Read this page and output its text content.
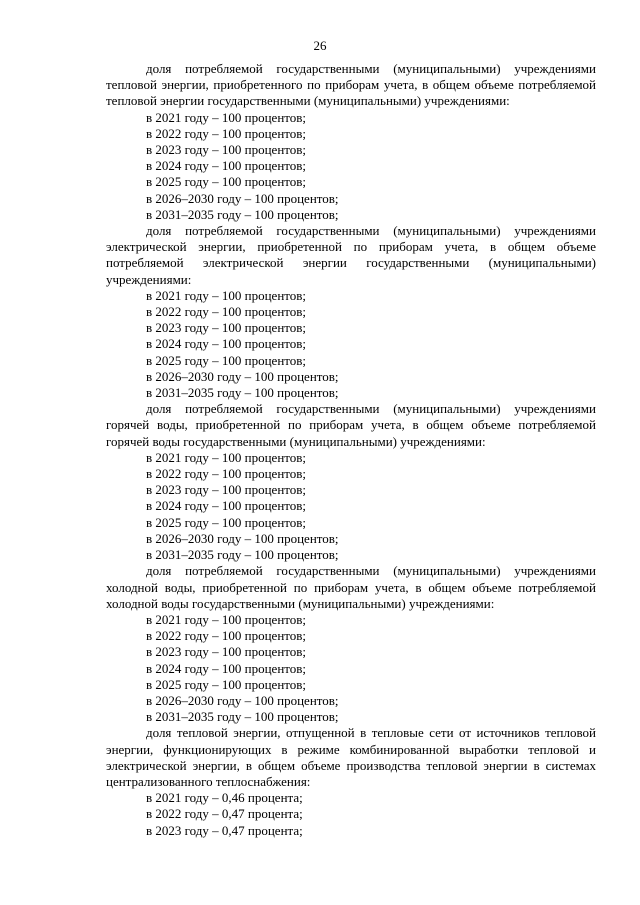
26

доля потребляемой государственными (муниципальными) учреждениями тепловой энергии, приобретенного по приборам учета, в общем объеме потребляемой тепловой энергии государственными (муниципальными) учреждениями:

в 2021 году – 100 процентов;

в 2022 году – 100 процентов;

в 2023 году – 100 процентов;

в 2024 году – 100 процентов;

в 2025 году – 100 процентов;

в 2026–2030 году – 100 процентов;

в 2031–2035 году – 100 процентов;

доля потребляемой государственными (муниципальными) учреждениями электрической энергии, приобретенной по приборам учета, в общем объеме потребляемой электрической энергии государственными (муниципальными) учреждениями:

в 2021 году – 100 процентов;

в 2022 году – 100 процентов;

в 2023 году – 100 процентов;

в 2024 году – 100 процентов;

в 2025 году – 100 процентов;

в 2026–2030 году – 100 процентов;

в 2031–2035 году – 100 процентов;

доля потребляемой государственными (муниципальными) учреждениями горячей воды, приобретенной по приборам учета, в общем объеме потребляемой горячей воды государственными (муниципальными) учреждениями:

в 2021 году – 100 процентов;

в 2022 году – 100 процентов;

в 2023 году – 100 процентов;

в 2024 году – 100 процентов;

в 2025 году – 100 процентов;

в 2026–2030 году – 100 процентов;

в 2031–2035 году – 100 процентов;

доля потребляемой государственными (муниципальными) учреждениями холодной воды, приобретенной по приборам учета, в общем объеме потребляемой холодной воды государственными (муниципальными) учреждениями:

в 2021 году – 100 процентов;

в 2022 году – 100 процентов;

в 2023 году – 100 процентов;

в 2024 году – 100 процентов;

в 2025 году – 100 процентов;

в 2026–2030 году – 100 процентов;

в 2031–2035 году – 100 процентов;

доля тепловой энергии, отпущенной в тепловые сети от источников тепловой энергии, функционирующих в режиме комбинированной выработки тепловой и электрической энергии, в общем объеме производства тепловой энергии в системах централизованного теплоснабжения:

в 2021 году – 0,46 процента;

в 2022 году – 0,47 процента;

в 2023 году – 0,47 процента;
